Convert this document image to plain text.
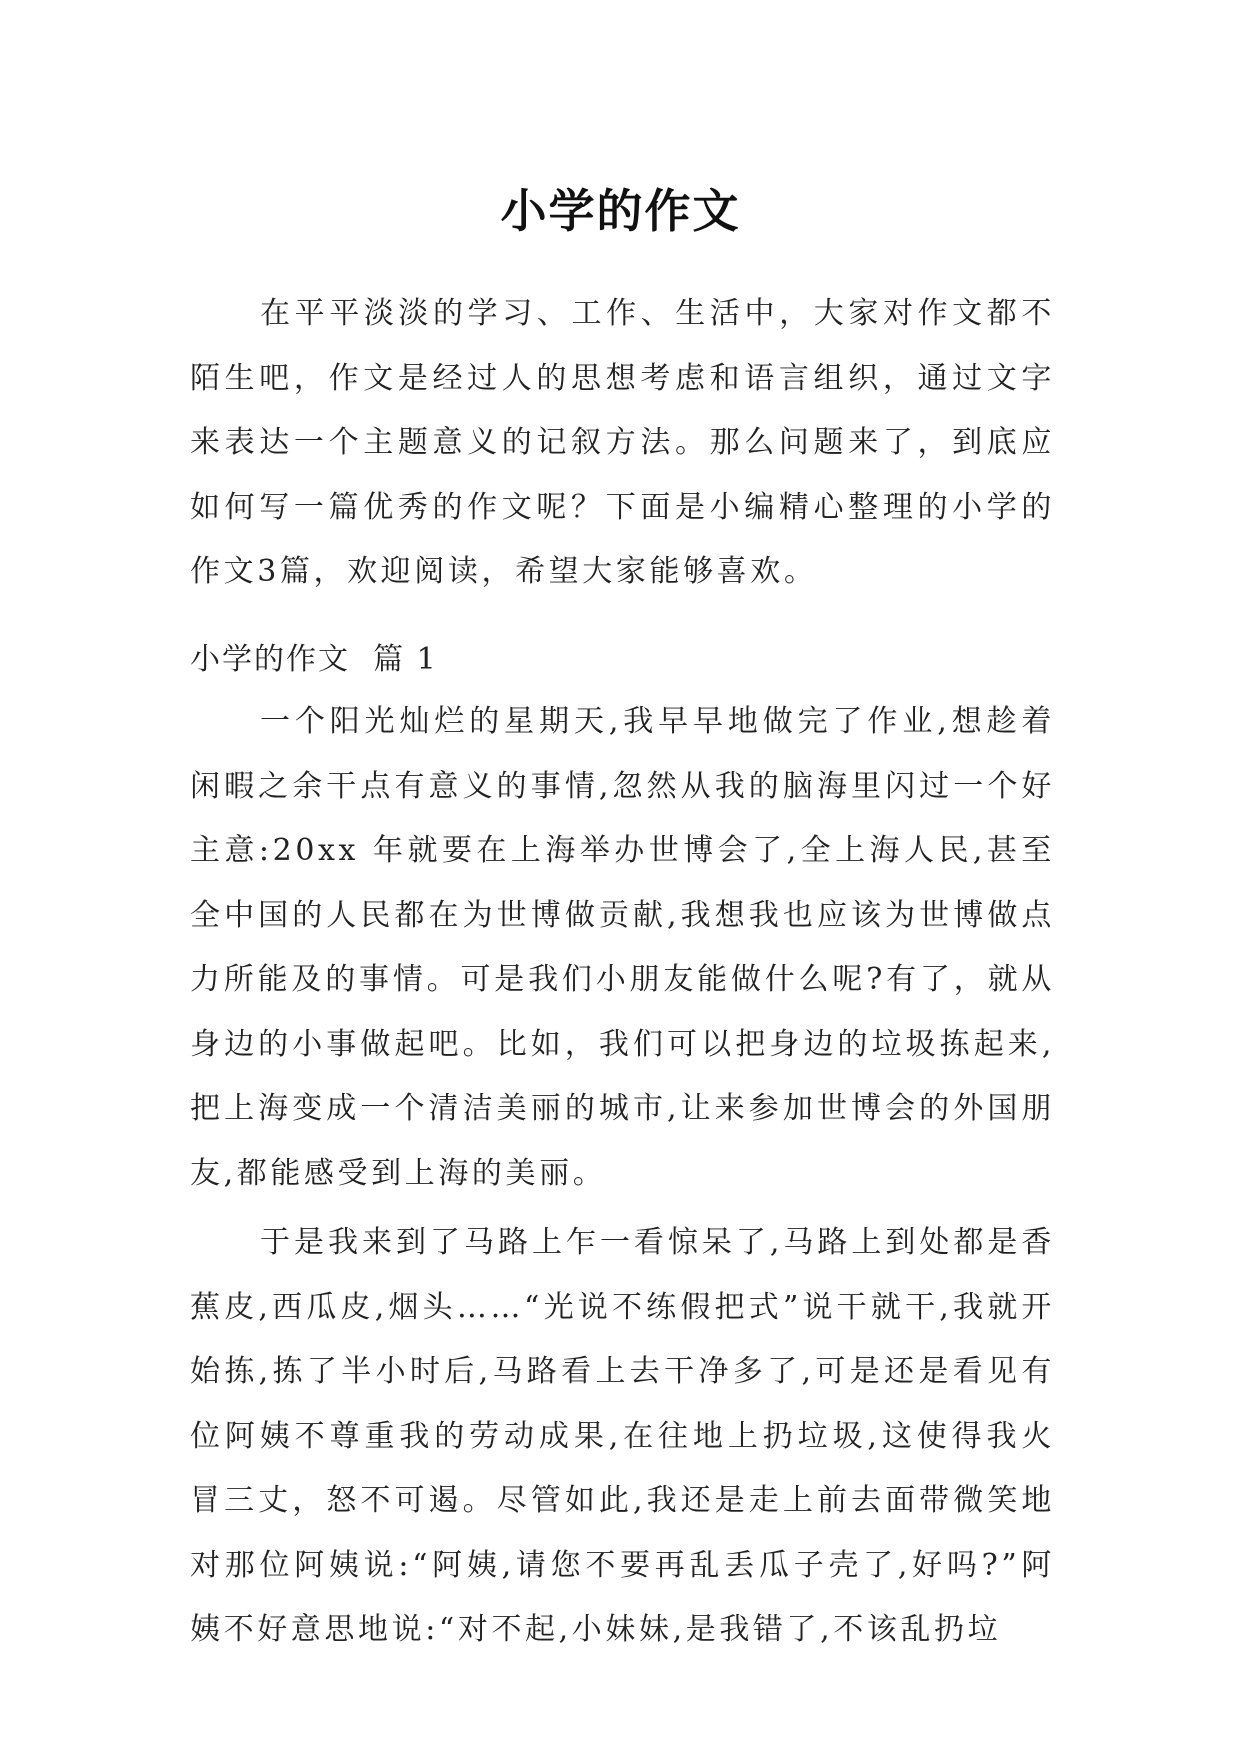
小学的作文

在平平淡淡的学习、工作、生活中，大家对作文都不陌生吧，作文是经过人的思想考虑和语言组织，通过文字来表达一个主题意义的记叙方法。那么问题来了，到底应如何写一篇优秀的作文呢？下面是小编精心整理的小学的作文3篇，欢迎阅读，希望大家能够喜欢。

小学的作文  篇 1

一个阳光灿烂的星期天,我早早地做完了作业,想趁着闲暇之余干点有意义的事情,忽然从我的脑海里闪过一个好主意:20xx 年就要在上海举办世博会了,全上海人民,甚至全中国的人民都在为世博做贡献,我想我也应该为世博做点力所能及的事情。可是我们小朋友能做什么呢?有了，就从身边的小事做起吧。比如，我们可以把身边的垃圾拣起来,把上海变成一个清洁美丽的城市,让来参加世博会的外国朋友,都能感受到上海的美丽。

于是我来到了马路上乍一看惊呆了,马路上到处都是香蕉皮,西瓜皮,烟头……“光说不练假把式”说干就干,我就开始拣,拣了半小时后,马路看上去干净多了,可是还是看见有位阿姨不尊重我的劳动成果,在往地上扔垃圾,这使得我火冒三丈，怒不可遏。尽管如此,我还是走上前去面带微笑地对那位阿姨说:“阿姨,请您不要再乱丢瓜子壳了,好吗?”阿姨不好意思地说:“对不起,小妹妹,是我错了,不该乱扔垃
